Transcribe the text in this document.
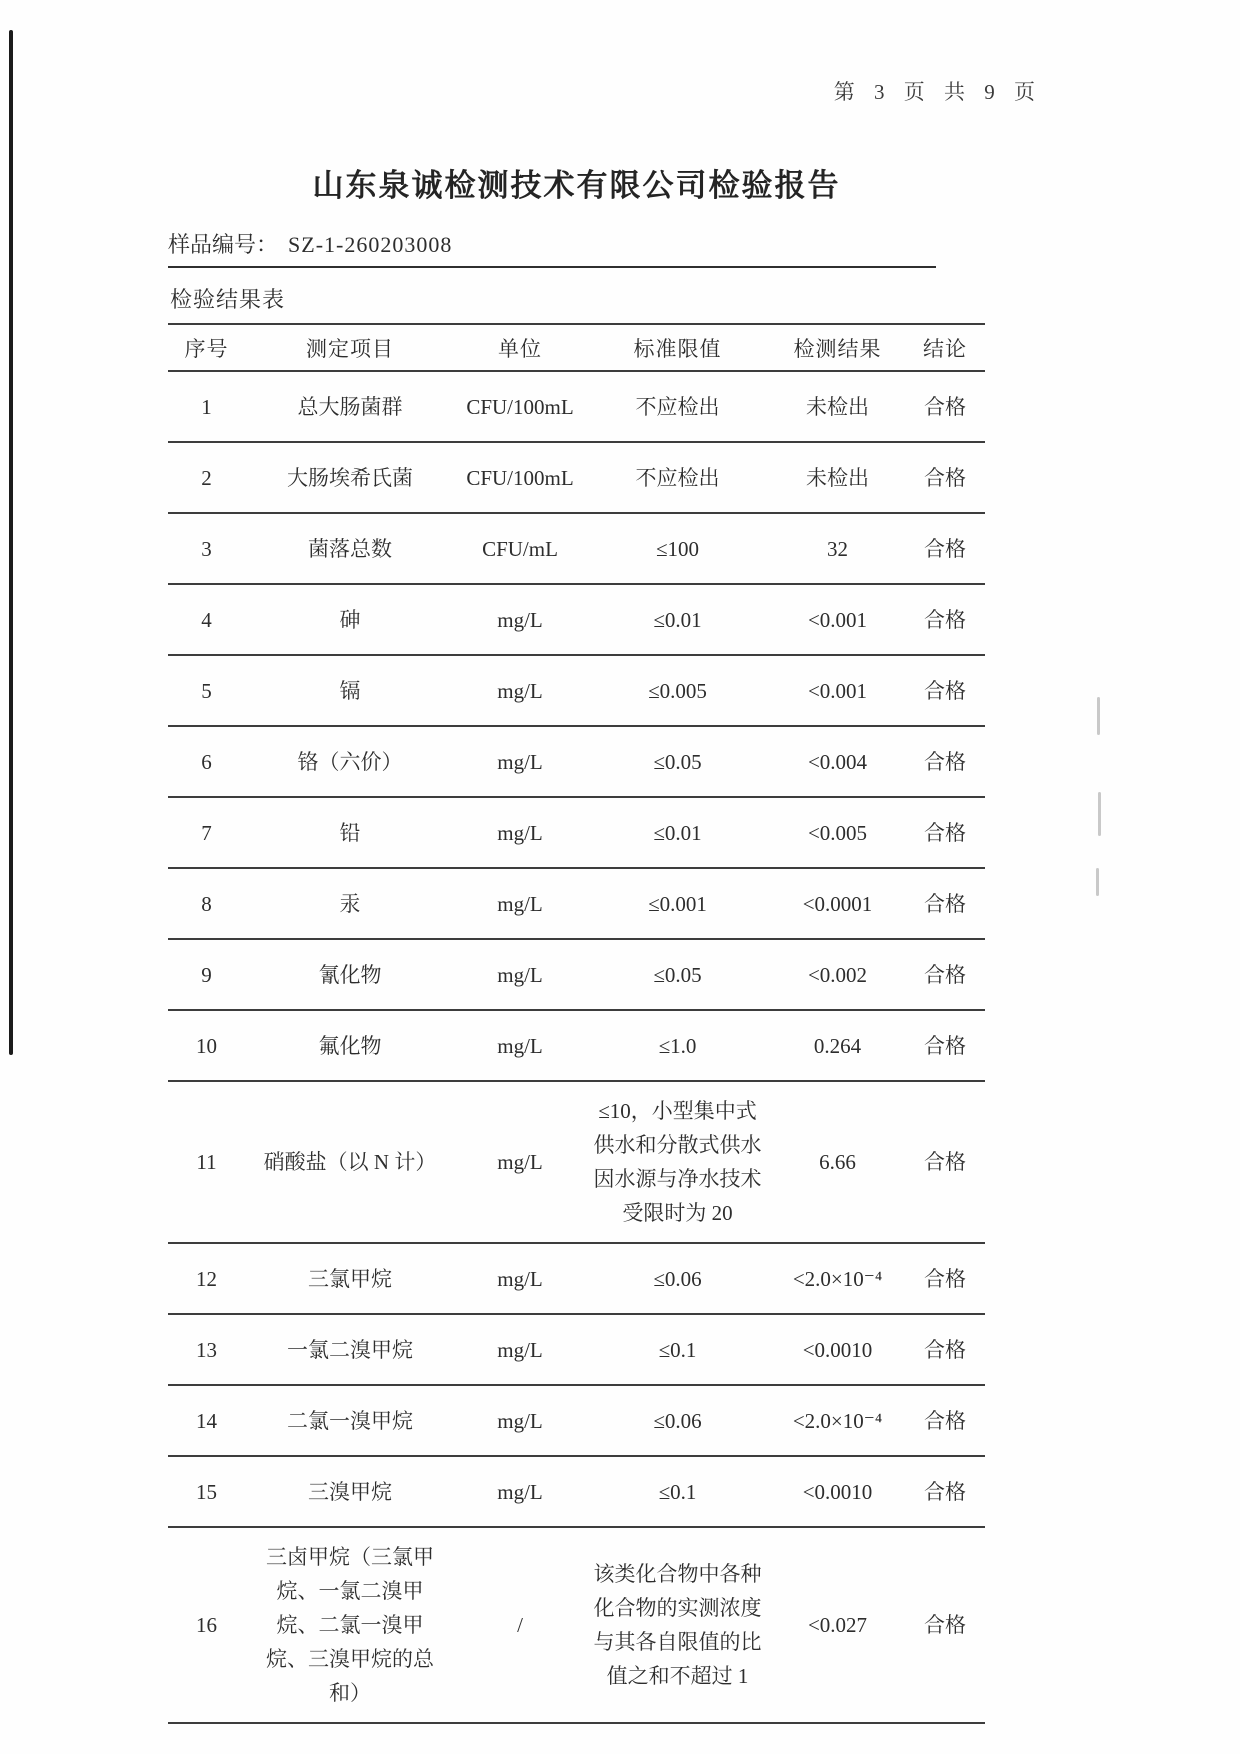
第 3 页 共 9 页
山东泉诚检测技术有限公司检验报告
样品编号： SZ-1-260203008
检验结果表
序号	测定项目	单位	标准限值	检测结果	结论
1	总大肠菌群	CFU/100mL	不应检出	未检出	合格
2	大肠埃希氏菌	CFU/100mL	不应检出	未检出	合格
3	菌落总数	CFU/mL	≤100	32	合格
4	砷	mg/L	≤0.01	<0.001	合格
5	镉	mg/L	≤0.005	<0.001	合格
6	铬（六价）	mg/L	≤0.05	<0.004	合格
7	铅	mg/L	≤0.01	<0.005	合格
8	汞	mg/L	≤0.001	<0.0001	合格
9	氰化物	mg/L	≤0.05	<0.002	合格
10	氟化物	mg/L	≤1.0	0.264	合格
11	硝酸盐（以 N 计）	mg/L	≤10，小型集中式供水和分散式供水因水源与净水技术受限时为 20	6.66	合格
12	三氯甲烷	mg/L	≤0.06	<2.0×10⁻⁴	合格
13	一氯二溴甲烷	mg/L	≤0.1	<0.0010	合格
14	二氯一溴甲烷	mg/L	≤0.06	<2.0×10⁻⁴	合格
15	三溴甲烷	mg/L	≤0.1	<0.0010	合格
16	三卤甲烷（三氯甲烷、一氯二溴甲烷、二氯一溴甲烷、三溴甲烷的总和）	/	该类化合物中各种化合物的实测浓度与其各自限值的比值之和不超过 1	<0.027	合格
